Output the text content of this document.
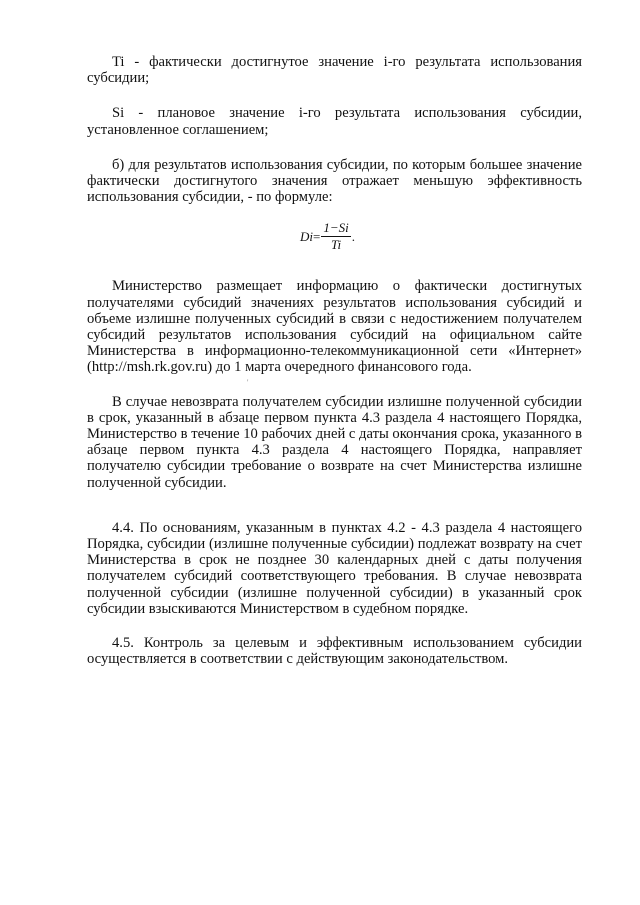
Ti - фактически достигнутое значение i-го результата использования субсидии;

Si - плановое значение i-го результата использования субсидии, установленное соглашением;

б) для результатов использования субсидии, по которым большее значение фактически достигнутого значения отражает меньшую эффективность использования субсидии, - по формуле:

$Di = \frac{1-Si}{Ti}$ .

Министерство размещает информацию о фактически достигнутых получателями субсидий значениях результатов использования субсидий и объеме излишне полученных субсидий в связи с недостижением получателем субсидий результатов использования субсидий на официальном сайте Министерства в информационно-телекоммуникационной сети «Интернет» (http://msh.rk.gov.ru) до 1 марта очередного финансового года.

В случае невозврата получателем субсидии излишне полученной субсидии в срок, указанный в абзаце первом пункта 4.3 раздела 4 настоящего Порядка, Министерство в течение 10 рабочих дней с даты окончания срока, указанного в абзаце первом пункта 4.3 раздела 4 настоящего Порядка, направляет получателю субсидии требование о возврате на счет Министерства излишне полученной субсидии.

4.4. По основаниям, указанным в пунктах 4.2 - 4.3 раздела 4 настоящего Порядка, субсидии (излишне полученные субсидии) подлежат возврату на счет Министерства в срок не позднее 30 календарных дней с даты получения получателем субсидий соответствующего требования. В случае невозврата полученной субсидии (излишне полученной субсидии) в указанный срок субсидии взыскиваются Министерством в судебном порядке.

4.5. Контроль за целевым и эффективным использованием субсидии осуществляется в соответствии с действующим законодательством.

'
